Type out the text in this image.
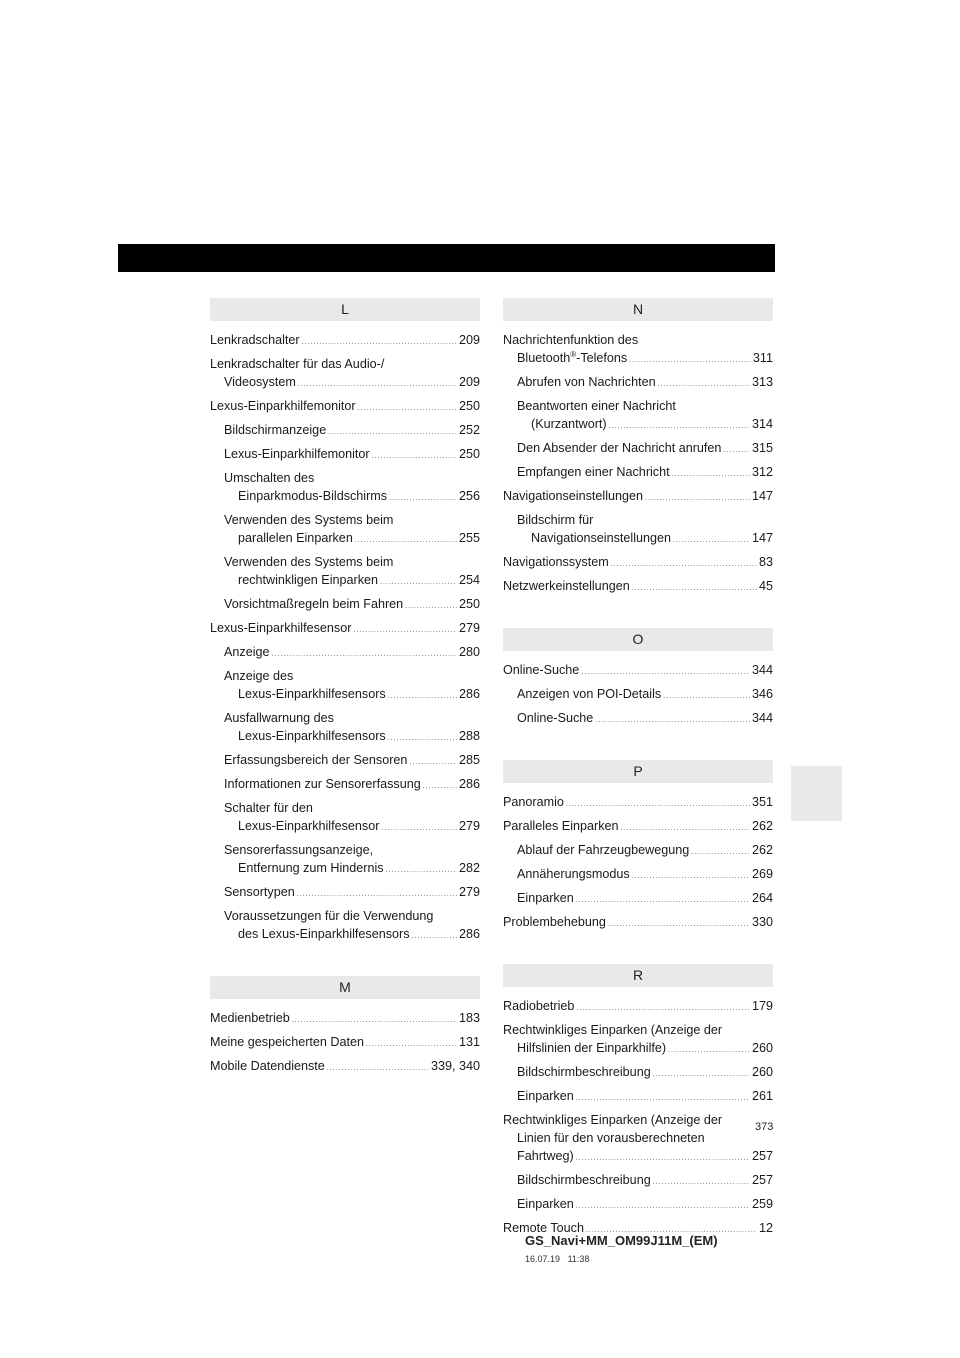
L
Lenkradschalter .....	209
Lenkradschalter für das Audio-/
Videosystem .....	209
Lexus-Einparkhilfemonitor .....	250
Bildschirmanzeige .....	252
Lexus-Einparkhilfemonitor .....	250
Umschalten des
Einparkmodus-Bildschirms .....	256
Verwenden des Systems beim
parallelen Einparken .....	255
Verwenden des Systems beim
rechtwinkligen Einparken .....	254
Vorsichtmaßregeln beim Fahren .....	250
Lexus-Einparkhilfesensor .....	279
Anzeige .....	280
Anzeige des
Lexus-Einparkhilfesensors .....	286
Ausfallwarnung des
Lexus-Einparkhilfesensors .....	288
Erfassungsbereich der Sensoren .....	285
Informationen zur Sensorerfassung .....	286
Schalter für den
Lexus-Einparkhilfesensor .....	279
Sensorerfassungsanzeige,
Entfernung zum Hindernis .....	282
Sensortypen .....	279
Voraussetzungen für die Verwendung
des Lexus-Einparkhilfesensors .....	286
M
Medienbetrieb .....	183
Meine gespeicherten Daten .....	131
Mobile Datendienste .....	339, 340
N
Nachrichtenfunktion des
Bluetooth®-Telefons .....	311
Abrufen von Nachrichten .....	313
Beantworten einer Nachricht
(Kurzantwort) .....	314
Den Absender der Nachricht anrufen ..... 315
Empfangen einer Nachricht .....	312
Navigationseinstellungen .....	147
Bildschirm für
Navigationseinstellungen .....	147
Navigationssystem .....	83
Netzwerkeinstellungen .....	45
O
Online-Suche .....	344
Anzeigen von POI-Details .....	346
Online-Suche .....	344
P
Panoramio .....	351
Paralleles Einparken .....	262
Ablauf der Fahrzeugbewegung .....	262
Annäherungsmodus .....	269
Einparken .....	264
Problembehebung .....	330
R
Radiobetrieb .....	179
Rechtwinkliges Einparken (Anzeige der
Hilfslinien der Einparkhilfe) .....	260
Bildschirmbeschreibung .....	260
Einparken .....	261
Rechtwinkliges Einparken (Anzeige der
Linien für den vorausberechneten
Fahrtweg) .....	257
Bildschirmbeschreibung .....	257
Einparken .....	259
Remote Touch .....	12
373
GS_Navi+MM_OM99J11M_(EM)
16.07.19 11:38
